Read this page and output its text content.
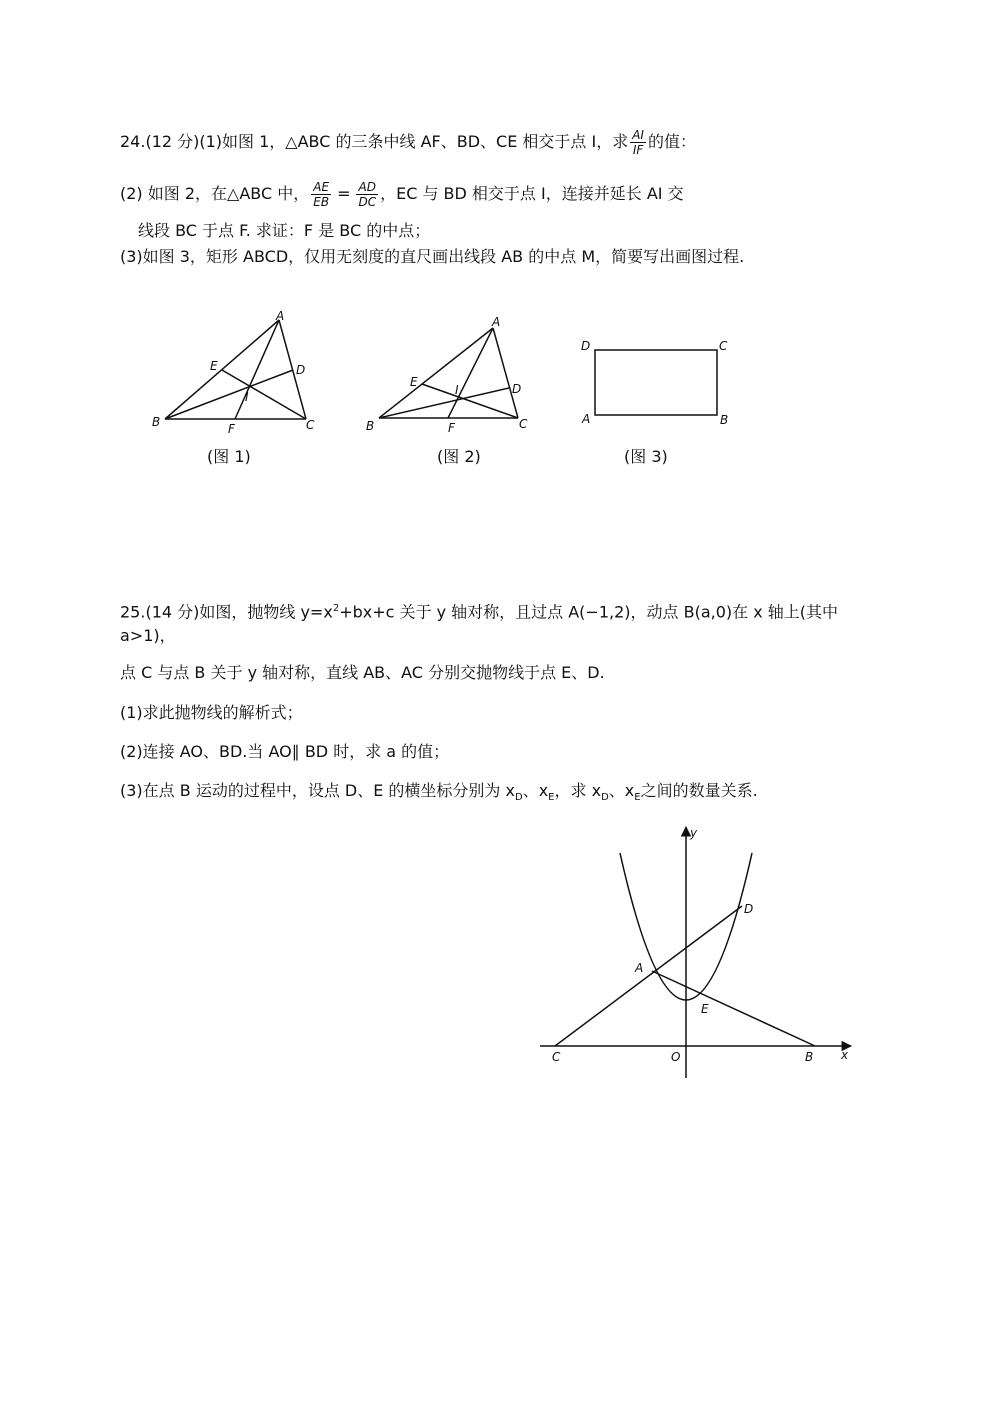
24.(12 分)(1)如图 1，△ABC 的三条中线 AF、BD、CE 相交于点 I，求 $\frac{AI}{IF}$ 的值：
(2) 如图 2，在△ABC 中， $\frac{AE}{EB} = \frac{AD}{DC}$ ，EC 与 BD 相交于点 I，连接并延长 AI 交
线段 BC 于点 F. 求证：F 是 BC 的中点；
(3)如图 3，矩形 ABCD，仅用无刻度的直尺画出线段 AB 的中点 M，简要写出画图过程.
A
B	C
D
E
F
I
(图 1)
A
B	C
D
E
F
I
(图 2)
D	C
A	B
(图 3)
25.(14 分)如图，抛物线 $y=x^2+bx+c$ 关于 y 轴对称，且过点 A(−1,2)，动点 B(a,0)在 x 轴上(其中
a>1)，
点 C 与点 B 关于 y 轴对称，直线 AB、AC 分别交抛物线于点 E、D.
(1)求此抛物线的解析式；
(2)连接 AO、BD.当 AO∥ BD 时，求 a 的值；
(3)在点 B 运动的过程中，设点 D、E 的横坐标分别为 $x_D$、$x_E$，求 $x_D$、$x_E$之间的数量关系.
y
x
O
A
B
C
D
E
